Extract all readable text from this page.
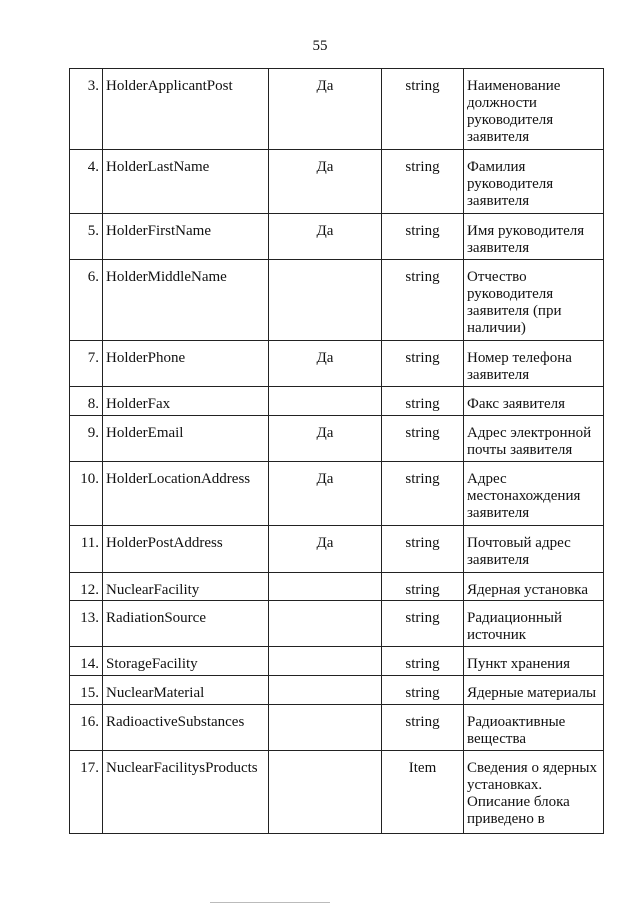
55
3.	HolderApplicantPost	Да	string	Наименование должности руководителя заявителя
4.	HolderLastName	Да	string	Фамилия руководителя заявителя
5.	HolderFirstName	Да	string	Имя руководителя заявителя
6.	HolderMiddleName		string	Отчество руководителя заявителя (при наличии)
7.	HolderPhone	Да	string	Номер телефона заявителя
8.	HolderFax		string	Факс заявителя
9.	HolderEmail	Да	string	Адрес электронной почты заявителя
10.	HolderLocationAddress	Да	string	Адрес местонахождения заявителя
11.	HolderPostAddress	Да	string	Почтовый адрес заявителя
12.	NuclearFacility		string	Ядерная установка
13.	RadiationSource		string	Радиационный источник
14.	StorageFacility		string	Пункт хранения
15.	NuclearMaterial		string	Ядерные материалы
16.	RadioactiveSubstances		string	Радиоактивные вещества
17.	NuclearFacilitysProducts		Item	Сведения о ядерных установках. Описание блока приведено в
